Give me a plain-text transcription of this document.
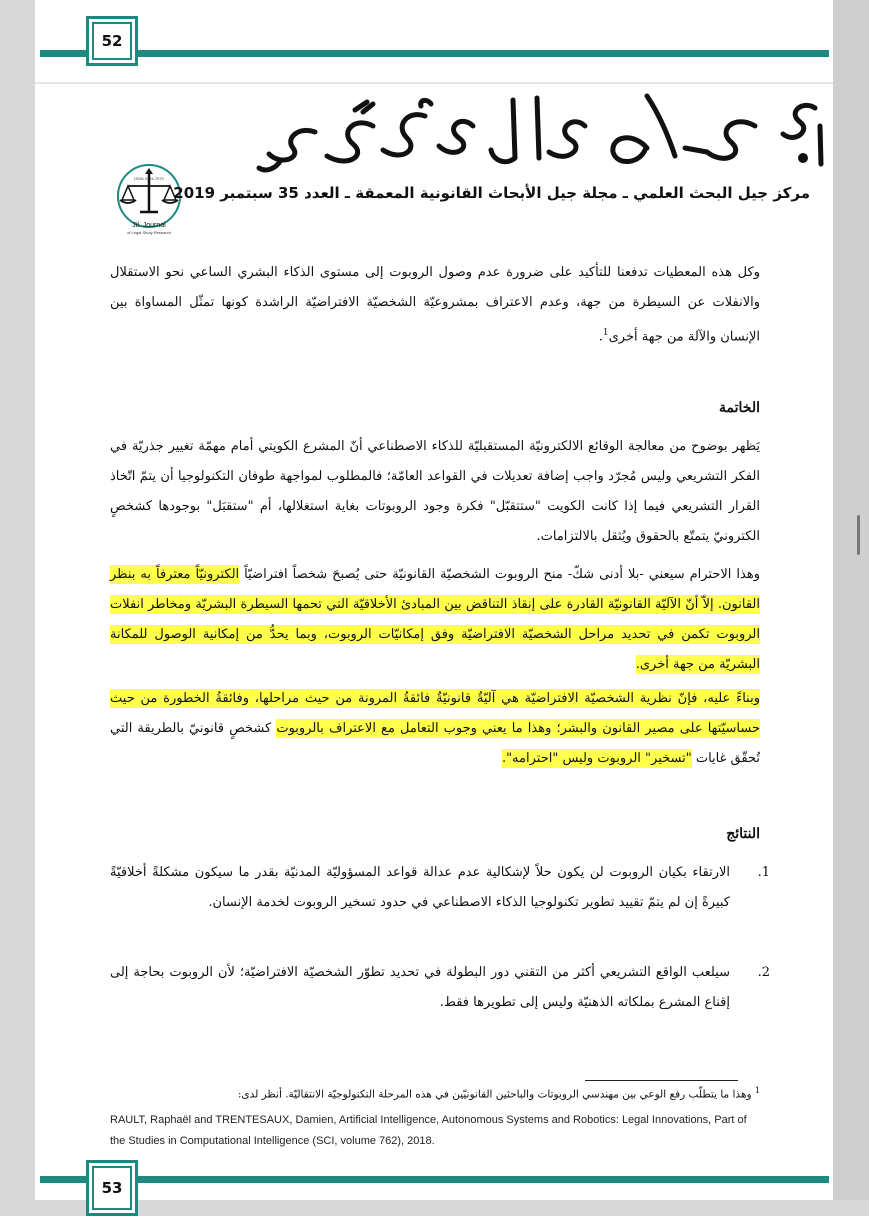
52
ISSN 2424-7073
Jil. Journal
of Legal Study Research
مركز جيل البحث العلمي ـ مجلة جيل الأبحاث القانونية المعمقة ـ العدد 35 سبتمبر 2019
وكل هذه المعطيات تدفعنا للتأكيد على ضرورة عدم وصول الروبوت إلى مستوى الذكاء البشري الساعي نحو الاستقلال والانفلات عن السيطرة من جهة، وعدم الاعتراف بمشروعيّة الشخصيّة الافتراضيّة الراشدة كونها تمثّل المساواة بين الإنسان والآلة من جهة أخرى$^1$.
الخاتمة
يَظهر بوضوح من معالجة الوقائع الالكترونيّة المستقبليّة للذكاء الاصطناعي أنّ المشرع الكويتي أمام مهمّة تغيير جذريّة في الفكر التشريعي وليس مُجرّد واجب إضافة تعديلات في القواعد العامّة؛ فالمطلوب لمواجهة طوفان التكنولوجيا أن يتمّ اتّخاذ القرار التشريعي فيما إذا كانت الكويت "ستتقبّل" فكرة وجود الروبوتات بغاية استغلالها، أم "ستقبَل" بوجودها كشخصٍ الكترونيّ يتمتّع بالحقوق ويُثقل بالالتزامات.
وهذا الاحترام سيعني -بلا أدنى شكّ- منح الروبوت الشخصيّة القانونيّة حتى يُصبحَ شخصاً افتراضيّاً الكترونيّاً معترفاً به بنظر القانون. إلاّ أنّ الآليّة القانونيّة القادرة على إنقاذ التناقض بين المبادئ الأخلاقيّة التي تحمها السيطرة البشريّة ومخاطر انفلات الروبوت تكمن في تحديد مراحل الشخصيّة الافتراضيّة وفق إمكانيّات الروبوت، وبما يحدُّ من إمكانية الوصول للمكانة البشريّة من جهة أخرى.
وبناءً عليه، فإنّ نظرية الشخصيّة الافتراضيّة هي آليّةٌ قانونيّةٌ فائقةُ المرونة من حيث مراحلها، وفائقةُ الخطورة من حيث حساسيّتها على مصير القانون والبشر؛ وهذا ما يعني وجوب التعامل مع الاعتراف بالروبوت كشخصٍ قانونيّ بالطريقة التي تُحقّق غايات "تسخير" الروبوت وليس "احترامه".
النتائج
1.
الارتقاء بكيان الروبوت لن يكون حلاً لإشكالية عدم عدالة قواعد المسؤوليّة المدنيّة بقدر ما سيكون مشكلةً أخلاقيّةً كبيرةً إن لم يتمّ تقييد تطوير تكنولوجيا الذكاء الاصطناعي في حدود تسخير الروبوت لخدمة الإنسان.
2.
سيلعب الواقع التشريعي أكثر من التقني دور البطولة في تحديد تطوّر الشخصيّة الافتراضيّة؛ لأن الروبوت بحاجة إلى إقناع المشرع بملكاته الذهنيّة وليس إلى تطويرها فقط.
$^1$ وهذا ما يتطلّب رفع الوعي بين مهندسي الروبوتات والباحثين القانونيّين في هذه المرحلة التكنولوجيّة الانتقاليّة. أنظر لدى:
RAULT, Raphaël and TRENTESAUX, Damien, Artificial Intelligence, Autonomous Systems and Robotics: Legal Innovations, Part of the Studies in Computational Intelligence (SCI, volume 762), 2018.
53
